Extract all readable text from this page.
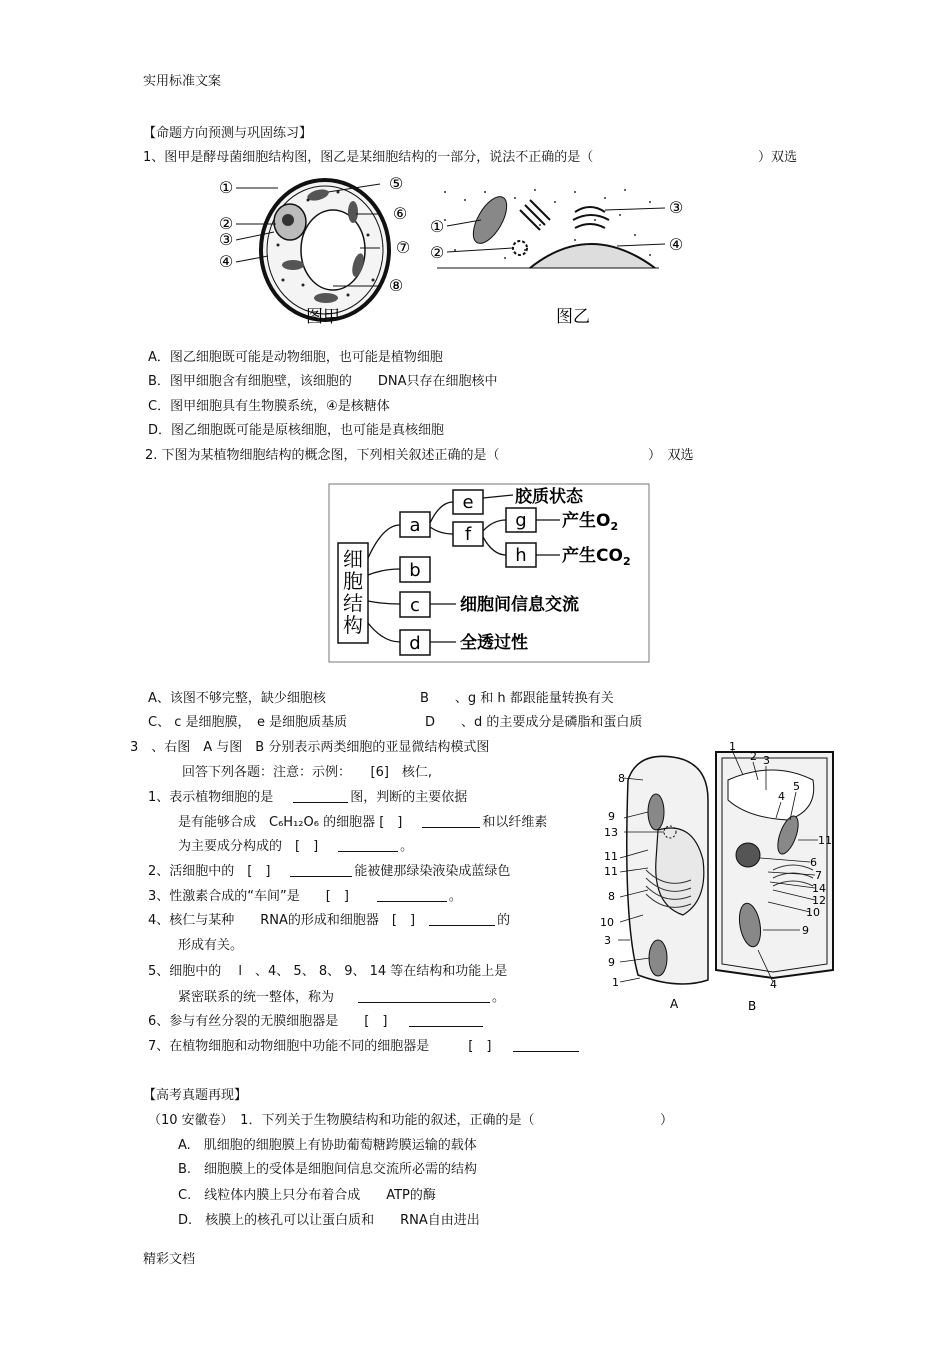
实用标准文案
精彩文档
【命题方向预测与巩固练习】
1、图甲是酵母菌细胞结构图，图乙是某细胞结构的一部分，说法不正确的是（	）双选
①
②
③
④
⑤
⑥
⑦
⑧
图甲
①
②
③
④
图乙
A．图乙细胞既可能是动物细胞，也可能是植物细胞
B．图甲细胞含有细胞壁，该细胞的　　DNA只存在细胞核中
C．图甲细胞具有生物膜系统，④是核糖体
D．图乙细胞既可能是原核细胞，也可能是真核细胞
2. 下图为某植物细胞结构的概念图，下列相关叙述正确的是（	）　双选
细
胞
结
构
a
b
c
d
e
f
g
h
胶质状态
产生$O_2$
产生$CO_2$
细胞间信息交流
全透过性
A、该图不够完整，缺少细胞核	B　　、g 和 h 都跟能量转换有关
C、 c 是细胞膜，　e 是细胞质基质	D　　、d 的主要成分是磷脂和蛋白质
3　、右图　A 与图　B 分别表示两类细胞的亚显微结构模式图
回答下列各题：注意：示例：　　[6]　核仁,
1、表示植物细胞的是	图，判断的主要依据
是有能够合成　C₆H₁₂O₆ 的细胞器 [　]	和以纤维素
为主要成分构成的　[　]	。
2、活细胞中的　[　]	能被健那绿染液染成蓝绿色
3、性激素合成的“车间”是　　[　]	。
4、核仁与某种　　RNA的形成和细胞器　[　]	的
形成有关。
5、细胞中的　 l　、4、 5、 8、 9、 14 等在结构和功能上是
紧密联系的统一整体，称为	。
6、参与有丝分裂的无膜细胞器是　　[　]
7、在植物细胞和动物细胞中功能不同的细胞器是　　　[　]
8
9
13
11
11
8
10
3
9
1
1
2 3
4
5
11
6
7
14
12
10
9
4
A	B
【高考真题再现】
（10 安徽卷）　1．下列关于生物膜结构和功能的叙述，正确的是（	）
A.　肌细胞的细胞膜上有协助葡萄糖跨膜运输的载体
B.　细胞膜上的受体是细胞间信息交流所必需的结构
C.　线粒体内膜上只分布着合成　　ATP的酶
D.　核膜上的核孔可以让蛋白质和　　RNA自由进出
